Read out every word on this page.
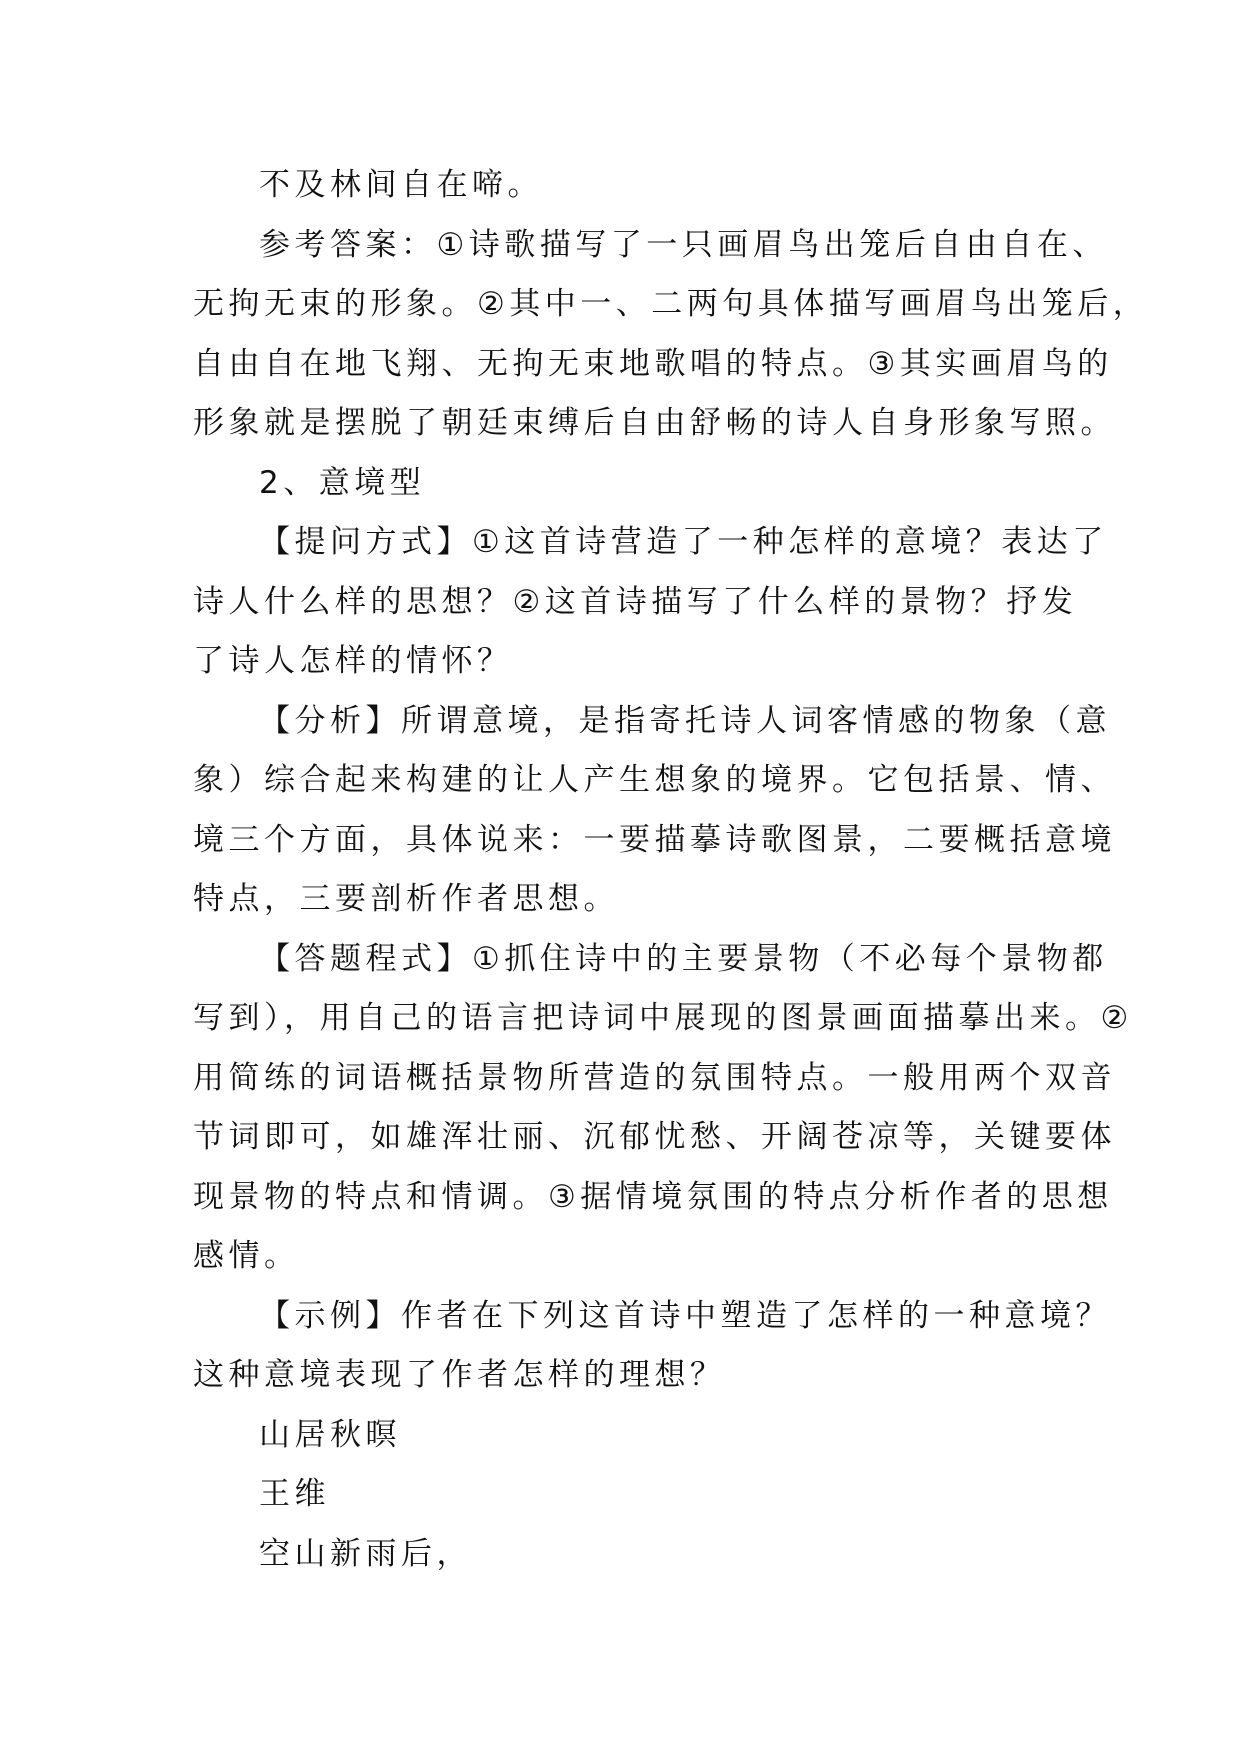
不及林间自在啼。
参考答案：①诗歌描写了一只画眉鸟出笼后自由自在、
无拘无束的形象。②其中一、二两句具体描写画眉鸟出笼后，
自由自在地飞翔、无拘无束地歌唱的特点。③其实画眉鸟的
形象就是摆脱了朝廷束缚后自由舒畅的诗人自身形象写照。
2、意境型
【提问方式】①这首诗营造了一种怎样的意境？表达了
诗人什么样的思想？②这首诗描写了什么样的景物？抒发
了诗人怎样的情怀？
【分析】所谓意境，是指寄托诗人词客情感的物象（意
象）综合起来构建的让人产生想象的境界。它包括景、情、
境三个方面，具体说来：一要描摹诗歌图景，二要概括意境
特点，三要剖析作者思想。
【答题程式】①抓住诗中的主要景物（不必每个景物都
写到），用自己的语言把诗词中展现的图景画面描摹出来。②
用简练的词语概括景物所营造的氛围特点。一般用两个双音
节词即可，如雄浑壮丽、沉郁忧愁、开阔苍凉等，关键要体
现景物的特点和情调。③据情境氛围的特点分析作者的思想
感情。
【示例】作者在下列这首诗中塑造了怎样的一种意境？
这种意境表现了作者怎样的理想？
山居秋暝
王维
空山新雨后，
